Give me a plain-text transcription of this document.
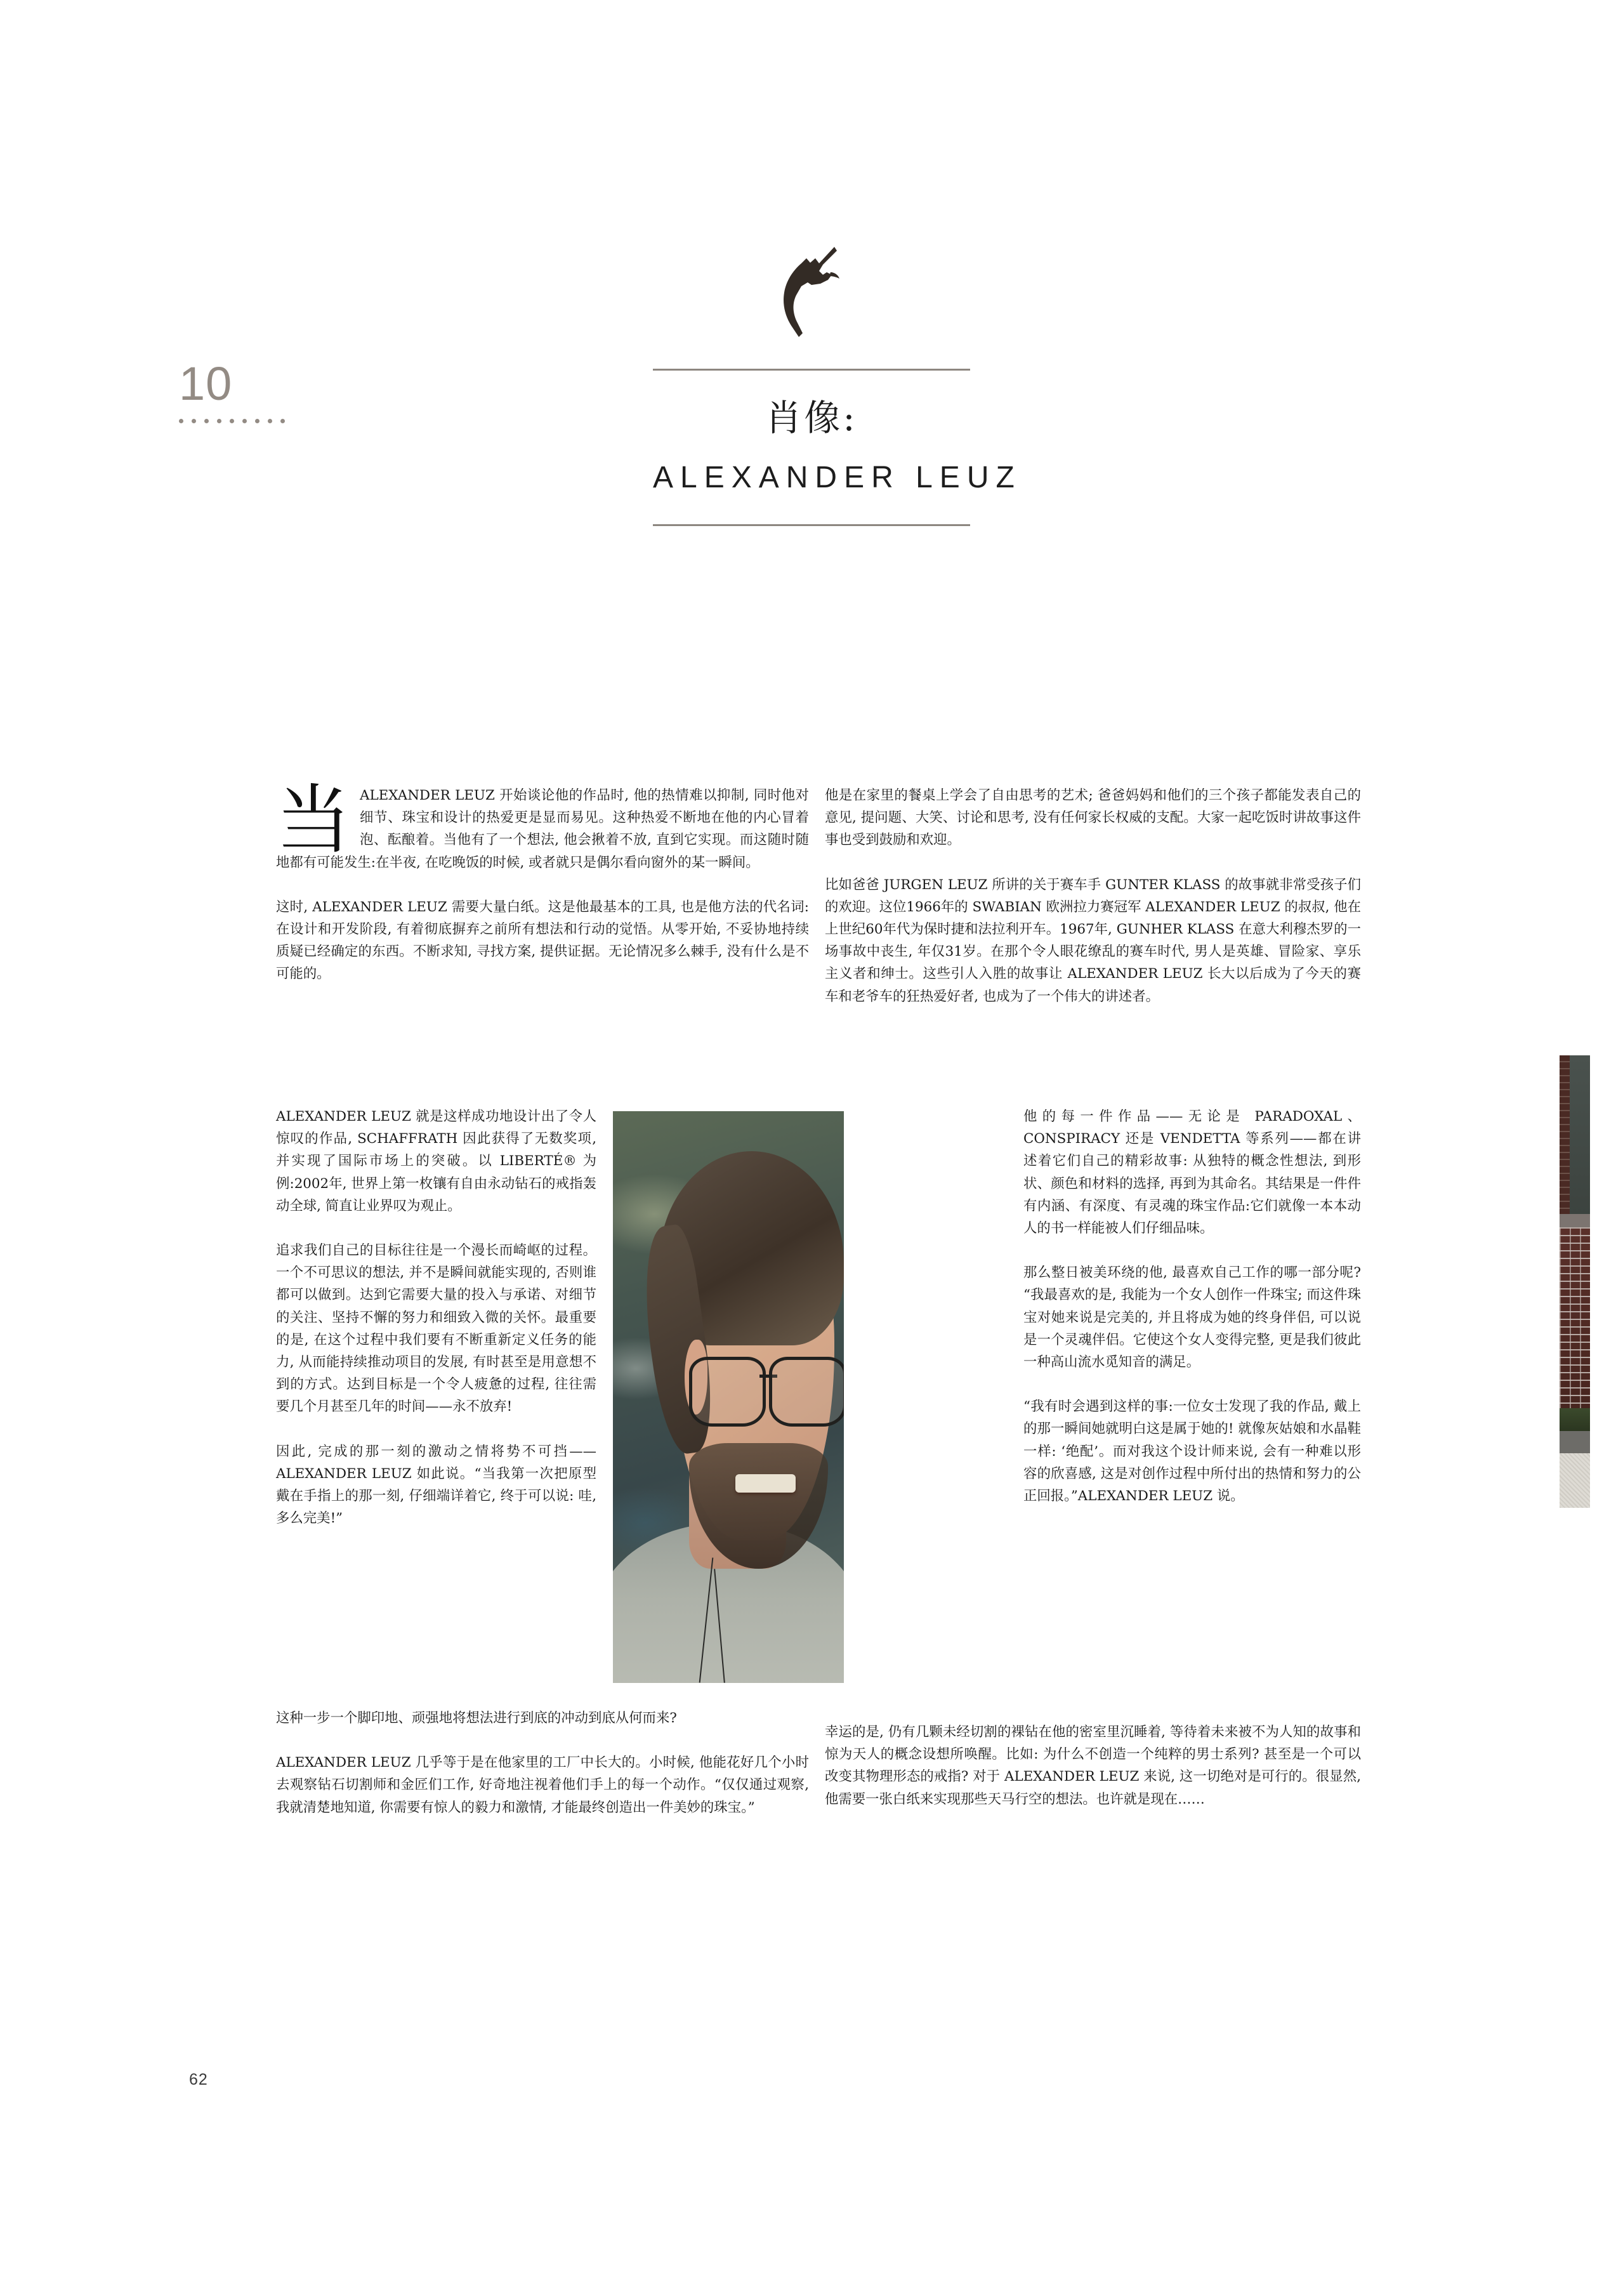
10
肖像:
ALEXANDER LEUZ

当ALEXANDER LEUZ 开始谈论他的作品时, 他的热情难以抑制, 同时他对细节、珠宝和设计的热爱更是显而易见。这种热爱不断地在他的内心冒着泡、酝酿着。当他有了一个想法, 他会揪着不放, 直到它实现。而这随时随地都有可能发生:在半夜, 在吃晚饭的时候, 或者就只是偶尔看向窗外的某一瞬间。

这时, ALEXANDER LEUZ 需要大量白纸。这是他最基本的工具, 也是他方法的代名词: 在设计和开发阶段, 有着彻底摒弃之前所有想法和行动的觉悟。从零开始, 不妥协地持续质疑已经确定的东西。不断求知, 寻找方案, 提供证据。无论情况多么棘手, 没有什么是不可能的。

ALEXANDER LEUZ 就是这样成功地设计出了令人惊叹的作品, SCHAFFRATH 因此获得了无数奖项, 并实现了国际市场上的突破。以 LIBERTÉ® 为例:2002年, 世界上第一枚镶有自由永动钻石的戒指轰动全球, 简直让业界叹为观止。

追求我们自己的目标往往是一个漫长而崎岖的过程。一个不可思议的想法, 并不是瞬间就能实现的, 否则谁都可以做到。达到它需要大量的投入与承诺、对细节的关注、坚持不懈的努力和细致入微的关怀。最重要的是, 在这个过程中我们要有不断重新定义任务的能力, 从而能持续推动项目的发展, 有时甚至是用意想不到的方式。达到目标是一个令人疲惫的过程, 往往需要几个月甚至几年的时间——永不放弃!

因此, 完成的那一刻的激动之情将势不可挡——ALEXANDER LEUZ 如此说。“当我第一次把原型戴在手指上的那一刻, 仔细端详着它, 终于可以说: 哇, 多么完美!”

这种一步一个脚印地、顽强地将想法进行到底的冲动到底从何而来?

ALEXANDER LEUZ 几乎等于是在他家里的工厂中长大的。小时候, 他能花好几个小时去观察钻石切割师和金匠们工作, 好奇地注视着他们手上的每一个动作。“仅仅通过观察, 我就清楚地知道, 你需要有惊人的毅力和激情, 才能最终创造出一件美妙的珠宝。”

他是在家里的餐桌上学会了自由思考的艺术; 爸爸妈妈和他们的三个孩子都能发表自己的意见, 提问题、大笑、讨论和思考, 没有任何家长权威的支配。大家一起吃饭时讲故事这件事也受到鼓励和欢迎。

比如爸爸 JURGEN LEUZ 所讲的关于赛车手 GUNTER KLASS 的故事就非常受孩子们的欢迎。这位1966年的 SWABIAN 欧洲拉力赛冠军 ALEXANDER LEUZ 的叔叔, 他在上世纪60年代为保时捷和法拉利开车。1967年, GUNHER KLASS 在意大利穆杰罗的一场事故中丧生, 年仅31岁。在那个令人眼花缭乱的赛车时代, 男人是英雄、冒险家、享乐主义者和绅士。这些引人入胜的故事让 ALEXANDER LEUZ 长大以后成为了今天的赛车和老爷车的狂热爱好者, 也成为了一个伟大的讲述者。

他的每一件作品——无论是 PARADOXAL、CONSPIRACY 还是 VENDETTA 等系列——都在讲述着它们自己的精彩故事: 从独特的概念性想法, 到形状、颜色和材料的选择, 再到为其命名。其结果是一件件有内涵、有深度、有灵魂的珠宝作品:它们就像一本本动人的书一样能被人们仔细品味。

那么整日被美环绕的他, 最喜欢自己工作的哪一部分呢? “我最喜欢的是, 我能为一个女人创作一件珠宝; 而这件珠宝对她来说是完美的, 并且将成为她的终身伴侣, 可以说是一个灵魂伴侣。它使这个女人变得完整, 更是我们彼此一种高山流水觅知音的满足。

“我有时会遇到这样的事:一位女士发现了我的作品, 戴上的那一瞬间她就明白这是属于她的! 就像灰姑娘和水晶鞋一样: ‘绝配’。而对我这个设计师来说, 会有一种难以形容的欣喜感, 这是对创作过程中所付出的热情和努力的公正回报。”ALEXANDER LEUZ 说。

幸运的是, 仍有几颗未经切割的裸钻在他的密室里沉睡着, 等待着未来被不为人知的故事和惊为天人的概念设想所唤醒。比如: 为什么不创造一个纯粹的男士系列? 甚至是一个可以改变其物理形态的戒指? 对于 ALEXANDER LEUZ 来说, 这一切绝对是可行的。很显然, 他需要一张白纸来实现那些天马行空的想法。也许就是现在……

62
